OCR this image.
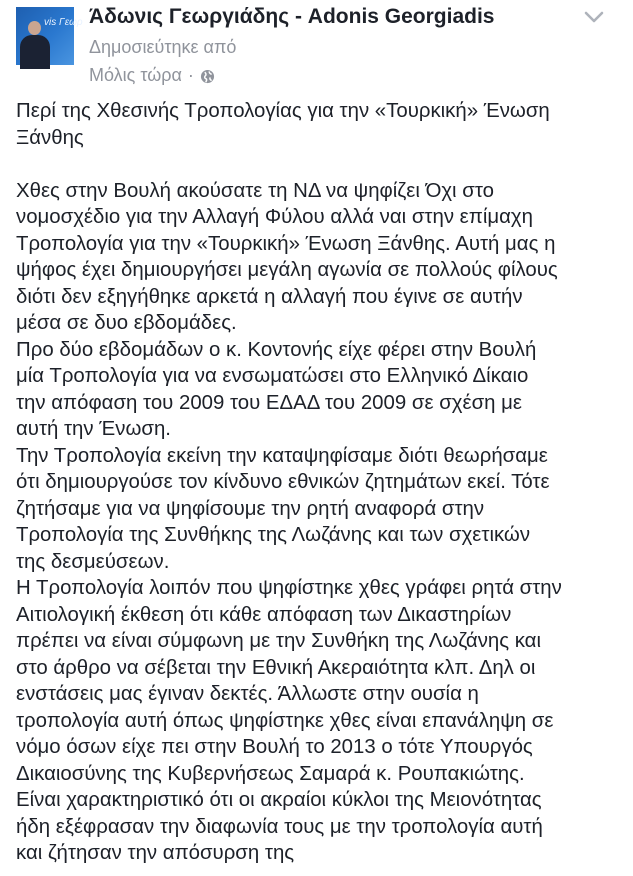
vis Γεωρ Άδωνις Γεωργιάδης - Adonis Georgiadis
Δημοσιεύτηκε από
Μόλις τώρα ·

Περί της Χθεσινής Τροπολογίας για την «Τουρκική» Ένωση

Ξάνθης

Χθες στην Βουλή ακούσατε τη ΝΔ να ψηφίζει Όχι στο

νομοσχέδιο για την Αλλαγή Φύλου αλλά ναι στην επίμαχη

Τροπολογία για την «Τουρκική» Ένωση Ξάνθης. Αυτή μας η

ψήφος έχει δημιουργήσει μεγάλη αγωνία σε πολλούς φίλους

διότι δεν εξηγήθηκε αρκετά η αλλαγή που έγινε σε αυτήν

μέσα σε δυο εβδομάδες.

Προ δύο εβδομάδων ο κ. Κοντονής είχε φέρει στην Βουλή

μία Τροπολογία για να ενσωματώσει στο Ελληνικό Δίκαιο

την απόφαση του 2009 του ΕΔΑΔ του 2009 σε σχέση με

αυτή την Ένωση.

Την Τροπολογία εκείνη την καταψηφίσαμε διότι θεωρήσαμε

ότι δημιουργούσε τον κίνδυνο εθνικών ζητημάτων εκεί. Τότε

ζητήσαμε για να ψηφίσουμε την ρητή αναφορά στην

Τροπολογία της Συνθήκης της Λωζάνης και των σχετικών

της δεσμεύσεων.

Η Τροπολογία λοιπόν που ψηφίστηκε χθες γράφει ρητά στην

Αιτιολογική έκθεση ότι κάθε απόφαση των Δικαστηρίων

πρέπει να είναι σύμφωνη με την Συνθήκη της Λωζάνης και

στο άρθρο να σέβεται την Εθνική Ακεραιότητα κλπ. Δηλ οι

ενστάσεις μας έγιναν δεκτές. Άλλωστε στην ουσία η

τροπολογία αυτή όπως ψηφίστηκε χθες είναι επανάληψη σε

νόμο όσων είχε πει στην Βουλή το 2013 ο τότε Υπουργός

Δικαιοσύνης της Κυβερνήσεως Σαμαρά κ. Ρουπακιώτης.

Είναι χαρακτηριστικό ότι οι ακραίοι κύκλοι της Μειονότητας

ήδη εξέφρασαν την διαφωνία τους με την τροπολογία αυτή

και ζήτησαν την απόσυρση της
